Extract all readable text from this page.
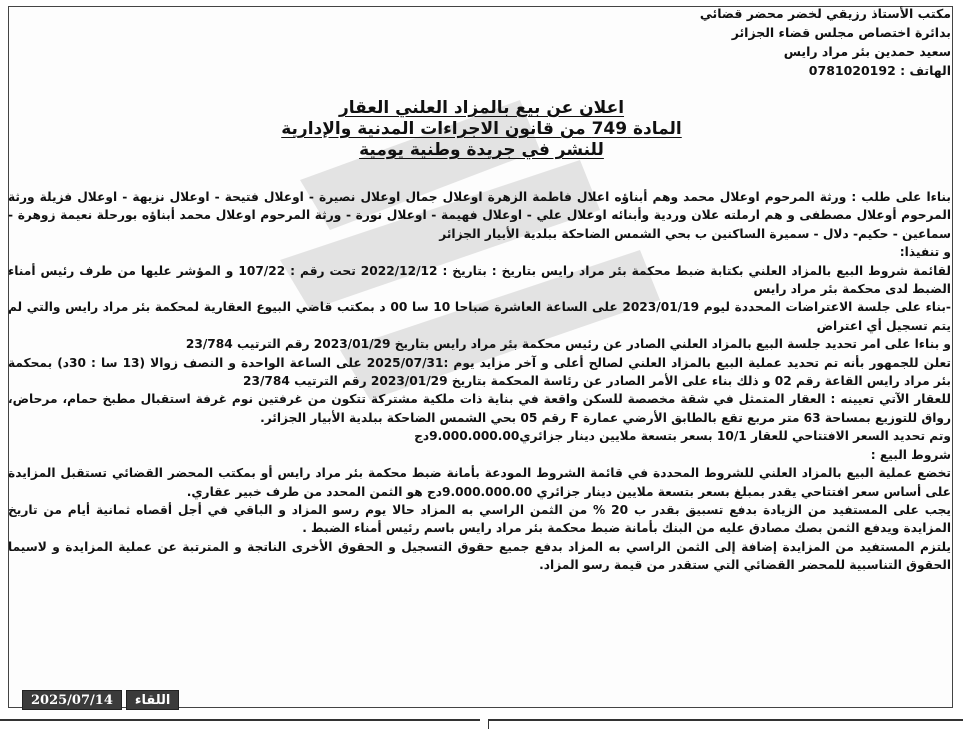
مكتب الأستاذ رزيقي لخضر محضر قضائي
بدائرة اختصاص مجلس قضاء الجزائر
سعيد حمدين بئر مراد رايس
الهاتف : 0781020192
اعلان عن بيع بالمزاد العلني العقار
المادة 749 من قانون الاجراءات المدنية والإدارية
للنشر في جريدة وطنية يومية

بناءا على طلب : ورثة المرحوم اوعلال محمد وهم أبناؤه اعلال فاطمة الزهرة اوعلال جمال اوعلال نصيرة - اوعلال فتيحة - اوعلال نزيهة - اوعلال فزيلة ورثة المرحوم أوعلال مصطفى و هم ارملته علان وردية وأبنائه اوعلال علي - اوعلال فهيمة - اوعلال نورة - ورثة المرحوم اوعلال محمد أبناؤه بورحلة نعيمة زوهرة - سماعين - حكيم- دلال - سميرة الساكنين ب بحي الشمس الضاحكة ببلدية الأبيار الجزائر

و تنفيذا:

لقائمة شروط البيع بالمزاد العلني بكتابة ضبط محكمة بئر مراد رايس بتاريخ : بتاريخ : 2022/12/12 تحت رقم : 107/22 و المؤشر عليها من طرف رئيس أمناء الضبط لدى محكمة بئر مراد رايس

-بناء على جلسة الاعتراضات المحددة ليوم 2023/01/19 على الساعة العاشرة صباحا 10 سا 00 د بمكتب قاضي البيوع العقارية لمحكمة بئر مراد رايس والتي لم يتم تسجيل أي اعتراض

و بناءا على امر تحديد جلسة البيع بالمزاد العلني الصادر عن رئيس محكمة بئر مراد رايس بتاريخ 2023/01/29 رقم الترتيب 23/784

تعلن للجمهور بأنه تم تحديد عملية البيع بالمزاد العلني لصالح أعلى و آخر مزايد يوم :2025/07/31 على الساعة الواحدة و النصف زوالا (13 سا : 30د) بمحكمة بئر مراد رايس القاعة رقم 02 و ذلك بناء على الأمر الصادر عن رئاسة المحكمة بتاريخ 2023/01/29 رقم الترتيب 23/784

للعقار الآتي تعيينه : العقار المتمثل في شقة مخصصة للسكن واقعة في بناية ذات ملكية مشتركة تتكون من غرفتين نوم غرفة استقبال مطبخ حمام، مرحاض، رواق للتوزيع بمساحة 63 متر مربع تقع بالطابق الأرضي عمارة F رقم 05 بحي الشمس الضاحكة ببلدية الأبيار الجزائر.

وتم تحديد السعر الافتتاحي للعقار 10/1 بسعر بتسعة ملايين دينار جزائري9.000.000.00دج

شروط البيع :

تخضع عملية البيع بالمزاد العلني للشروط المحددة في قائمة الشروط المودعة بأمانة ضبط محكمة بئر مراد رايس أو بمكتب المحضر القضائي تستقبل المزايدة على أساس سعر افتتاحي يقدر بمبلغ بسعر بتسعة ملايين دينار جزائري 9.000.000.00دج هو الثمن المحدد من طرف خبير عقاري.

يجب على المستفيد من الزيادة بدفع تسبيق بقدر ب 20 % من الثمن الراسي به المزاد حالا يوم رسو المزاد و الباقي في أجل أقصاه ثمانية أيام من تاريخ المزايدة ويدفع الثمن بصك مصادق عليه من البنك بأمانة ضبط محكمة بئر مراد رايس باسم رئيس أمناء الضبط .

يلتزم المستفيد من المزايدة إضافة إلى الثمن الراسي به المزاد بدفع جميع حقوق التسجيل و الحقوق الأخرى الناتجة و المترتبة عن عملية المزايدة و لاسيما الحقوق التناسبية للمحضر القضائي التي ستقدر من قيمة رسو المزاد.

اللقاء
2025/07/14
